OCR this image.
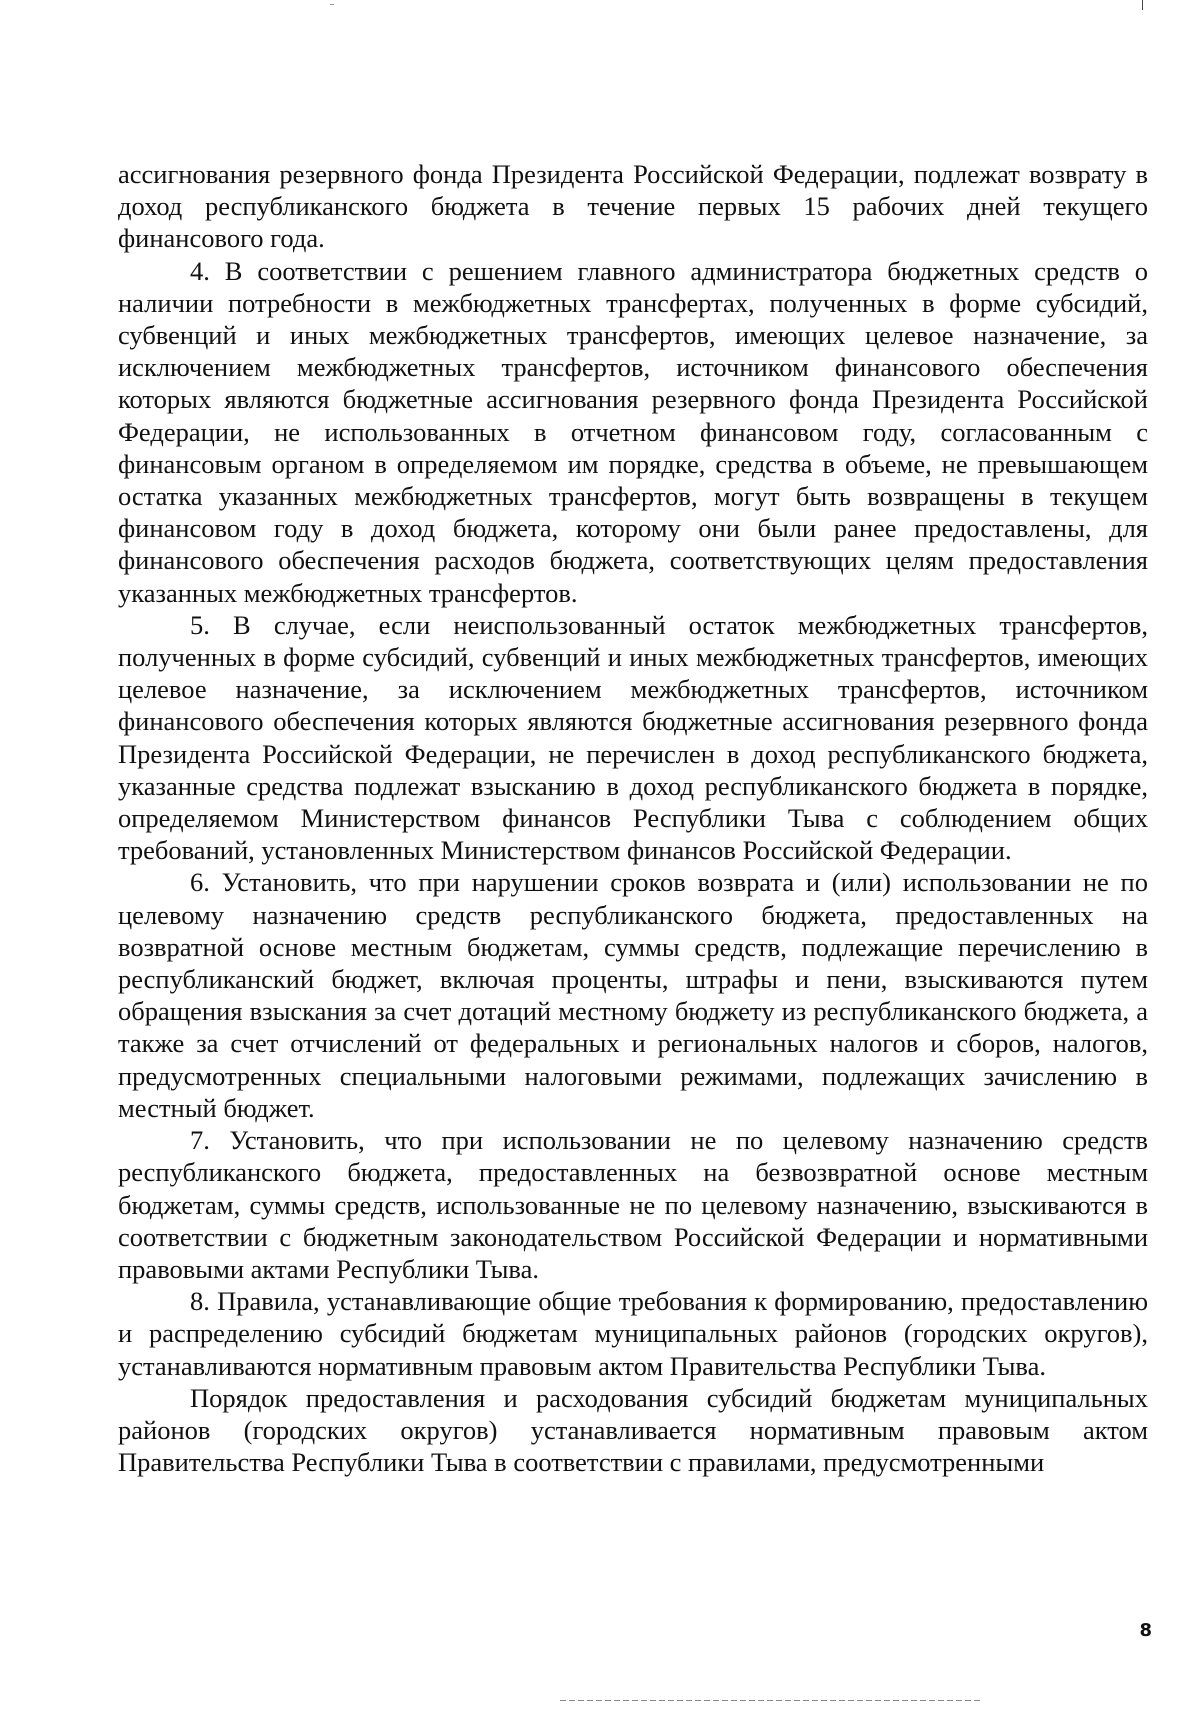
ассигнования резервного фонда Президента Российской Федерации, подлежат возврату в доход республиканского бюджета в течение первых 15 рабочих дней текущего финансового года.

4. В соответствии с решением главного администратора бюджетных средств о наличии потребности в межбюджетных трансфертах, полученных в форме субсидий, субвенций и иных межбюджетных трансфертов, имеющих целевое назначение, за исключением межбюджетных трансфертов, источником финансового обеспечения которых являются бюджетные ассигнования резервного фонда Президента Российской Федерации, не использованных в отчетном финансовом году, согласованным с финансовым органом в определяемом им порядке, средства в объеме, не превышающем остатка указанных межбюджетных трансфертов, могут быть возвращены в текущем финансовом году в доход бюджета, которому они были ранее предоставлены, для финансового обеспечения расходов бюджета, соответствующих целям предоставления указанных межбюджетных трансфертов.

5. В случае, если неиспользованный остаток межбюджетных трансфертов, полученных в форме субсидий, субвенций и иных межбюджетных трансфертов, имеющих целевое назначение, за исключением межбюджетных трансфертов, источником финансового обеспечения которых являются бюджетные ассигнования резервного фонда Президента Российской Федерации, не перечислен в доход республиканского бюджета, указанные средства подлежат взысканию в доход республиканского бюджета в порядке, определяемом Министерством финансов Республики Тыва с соблюдением общих требований, установленных Министерством финансов Российской Федерации.

6. Установить, что при нарушении сроков возврата и (или) использовании не по целевому назначению средств республиканского бюджета, предоставленных на возвратной основе местным бюджетам, суммы средств, подлежащие перечислению в республиканский бюджет, включая проценты, штрафы и пени, взыскиваются путем обращения взыскания за счет дотаций местному бюджету из республиканского бюджета, а также за счет отчислений от федеральных и региональных налогов и сборов, налогов, предусмотренных специальными налоговыми режимами, подлежащих зачислению в местный бюджет.

7. Установить, что при использовании не по целевому назначению средств республиканского бюджета, предоставленных на безвозвратной основе местным бюджетам, суммы средств, использованные не по целевому назначению, взыскиваются в соответствии с бюджетным законодательством Российской Федерации и нормативными правовыми актами Республики Тыва.

8. Правила, устанавливающие общие требования к формированию, предоставлению и распределению субсидий бюджетам муниципальных районов (городских округов), устанавливаются нормативным правовым актом Правительства Республики Тыва.

Порядок предоставления и расходования субсидий бюджетам муниципальных районов (городских округов) устанавливается нормативным правовым актом Правительства Республики Тыва в соответствии с правилами, предусмотренными

8
